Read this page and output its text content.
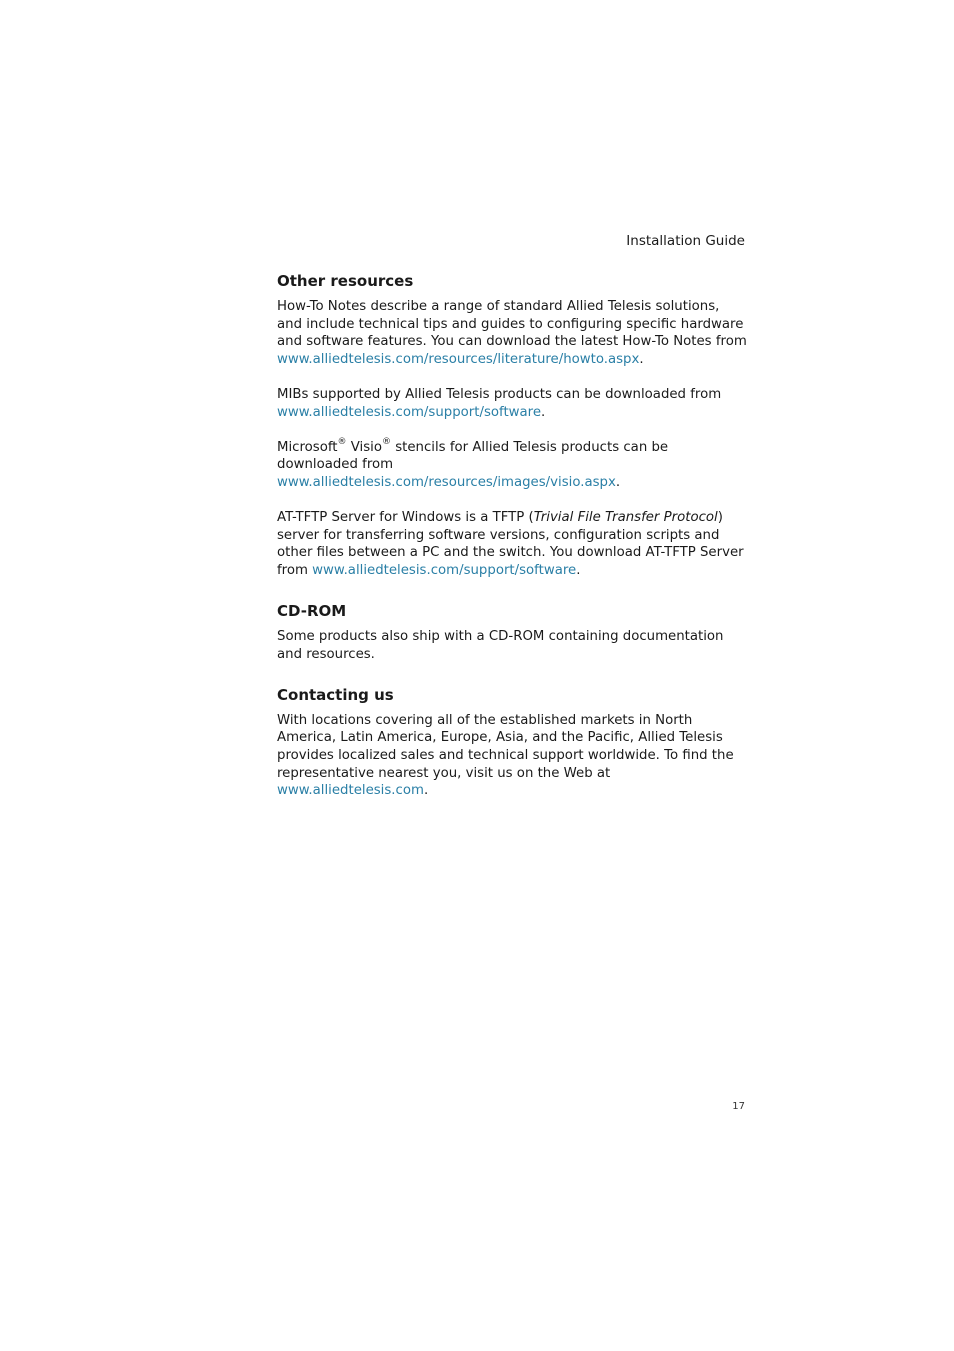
Installation Guide
Other resources

How-To Notes describe a range of standard Allied Telesis solutions, and include technical tips and guides to configuring specific hardware and software features. You can download the latest How-To Notes from www.alliedtelesis.com/resources/literature/howto.aspx.

MIBs supported by Allied Telesis products can be downloaded from
www.alliedtelesis.com/support/software.

Microsoft® Visio® stencils for Allied Telesis products can be downloaded from
www.alliedtelesis.com/resources/images/visio.aspx.

AT-TFTP Server for Windows is a TFTP (Trivial File Transfer Protocol) server for transferring software versions, configuration scripts and other files between a PC and the switch. You download AT-TFTP Server from www.alliedtelesis.com/support/software.

CD-ROM

Some products also ship with a CD-ROM containing documentation and resources.

Contacting us

With locations covering all of the established markets in North America, Latin America, Europe, Asia, and the Pacific, Allied Telesis provides localized sales and technical support worldwide. To find the representative nearest you, visit us on the Web at www.alliedtelesis.com.

17
